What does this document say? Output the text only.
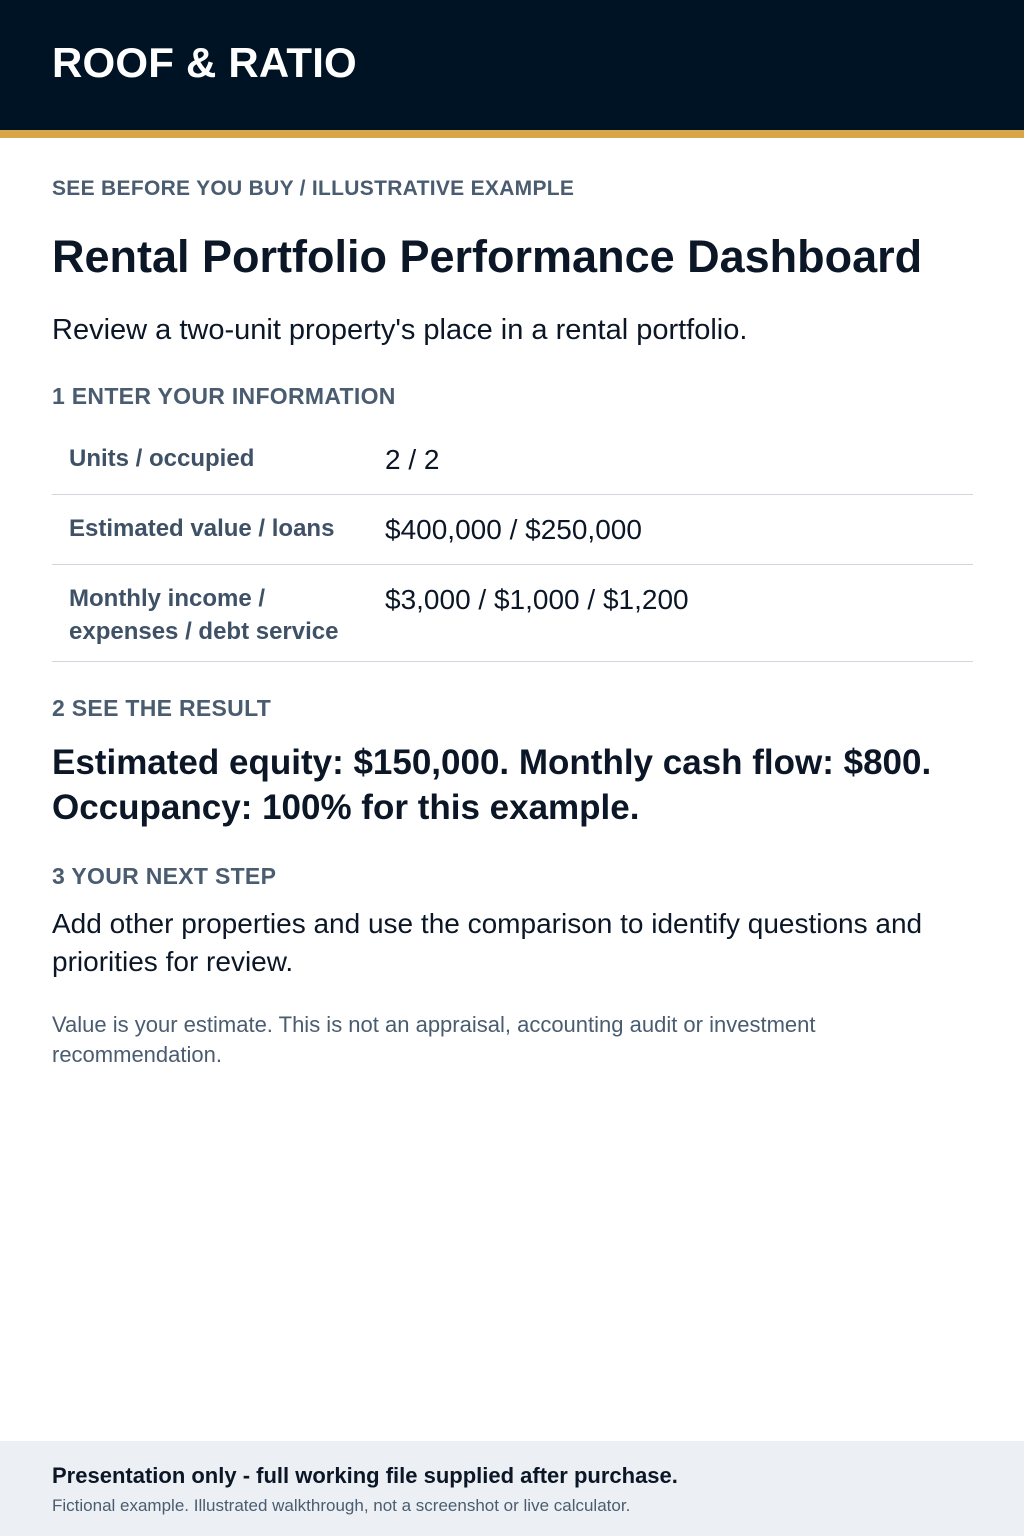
ROOF & RATIO
SEE BEFORE YOU BUY / ILLUSTRATIVE EXAMPLE
Rental Portfolio Performance Dashboard

Review a two-unit property's place in a rental portfolio.

1 ENTER YOUR INFORMATION
Units / occupied	2 / 2
Estimated value / loans	$400,000 / $250,000
Monthly income / expenses / debt service
$3,000 / $1,000 / $1,200
2 SEE THE RESULT
Estimated equity: $150,000. Monthly cash flow: $800. Occupancy: 100% for this example.
3 YOUR NEXT STEP
Add other properties and use the comparison to identify questions and priorities for review.
Value is your estimate. This is not an appraisal, accounting audit or investment recommendation.
Presentation only - full working file supplied after purchase.
Fictional example. Illustrated walkthrough, not a screenshot or live calculator.
